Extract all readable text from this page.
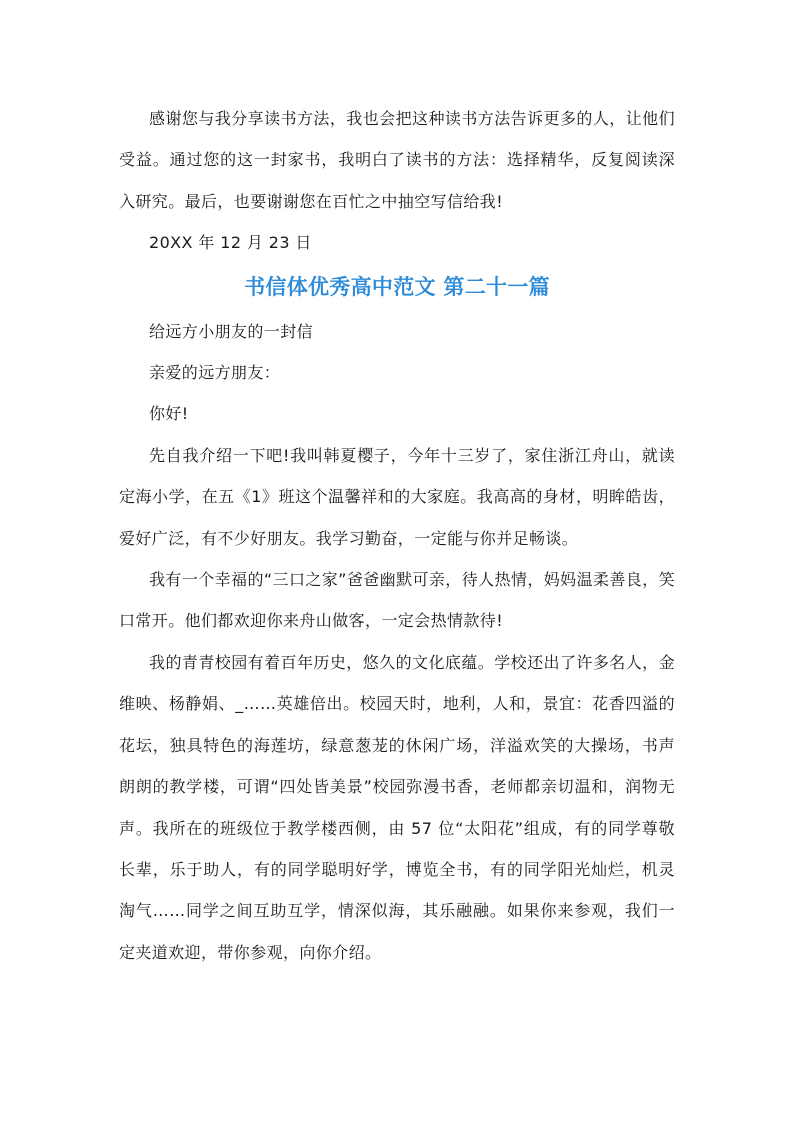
感谢您与我分享读书方法，我也会把这种读书方法告诉更多的人，让他们受益。通过您的这一封家书，我明白了读书的方法：选择精华，反复阅读深入研究。最后，也要谢谢您在百忙之中抽空写信给我!

20XX 年 12 月 23 日

书信体优秀高中范文 第二十一篇

给远方小朋友的一封信

亲爱的远方朋友：

你好!

先自我介绍一下吧!我叫韩夏樱子，今年十三岁了，家住浙江舟山，就读定海小学，在五《1》班这个温馨祥和的大家庭。我高高的身材，明眸皓齿，爱好广泛，有不少好朋友。我学习勤奋，一定能与你并足畅谈。

我有一个幸福的“三口之家”爸爸幽默可亲，待人热情，妈妈温柔善良，笑口常开。他们都欢迎你来舟山做客，一定会热情款待!

我的青青校园有着百年历史，悠久的文化底蕴。学校还出了许多名人，金维映、杨静娟、_……英雄倍出。校园天时，地利，人和，景宜：花香四溢的花坛，独具特色的海莲坊，绿意葱茏的休闲广场，洋溢欢笑的大操场，书声朗朗的教学楼，可谓“四处皆美景”校园弥漫书香，老师都亲切温和，润物无声。我所在的班级位于教学楼西侧，由 57 位“太阳花”组成，有的同学尊敬长辈，乐于助人，有的同学聪明好学，博览全书，有的同学阳光灿烂，机灵淘气……同学之间互助互学，情深似海，其乐融融。如果你来参观，我们一定夹道欢迎，带你参观，向你介绍。
